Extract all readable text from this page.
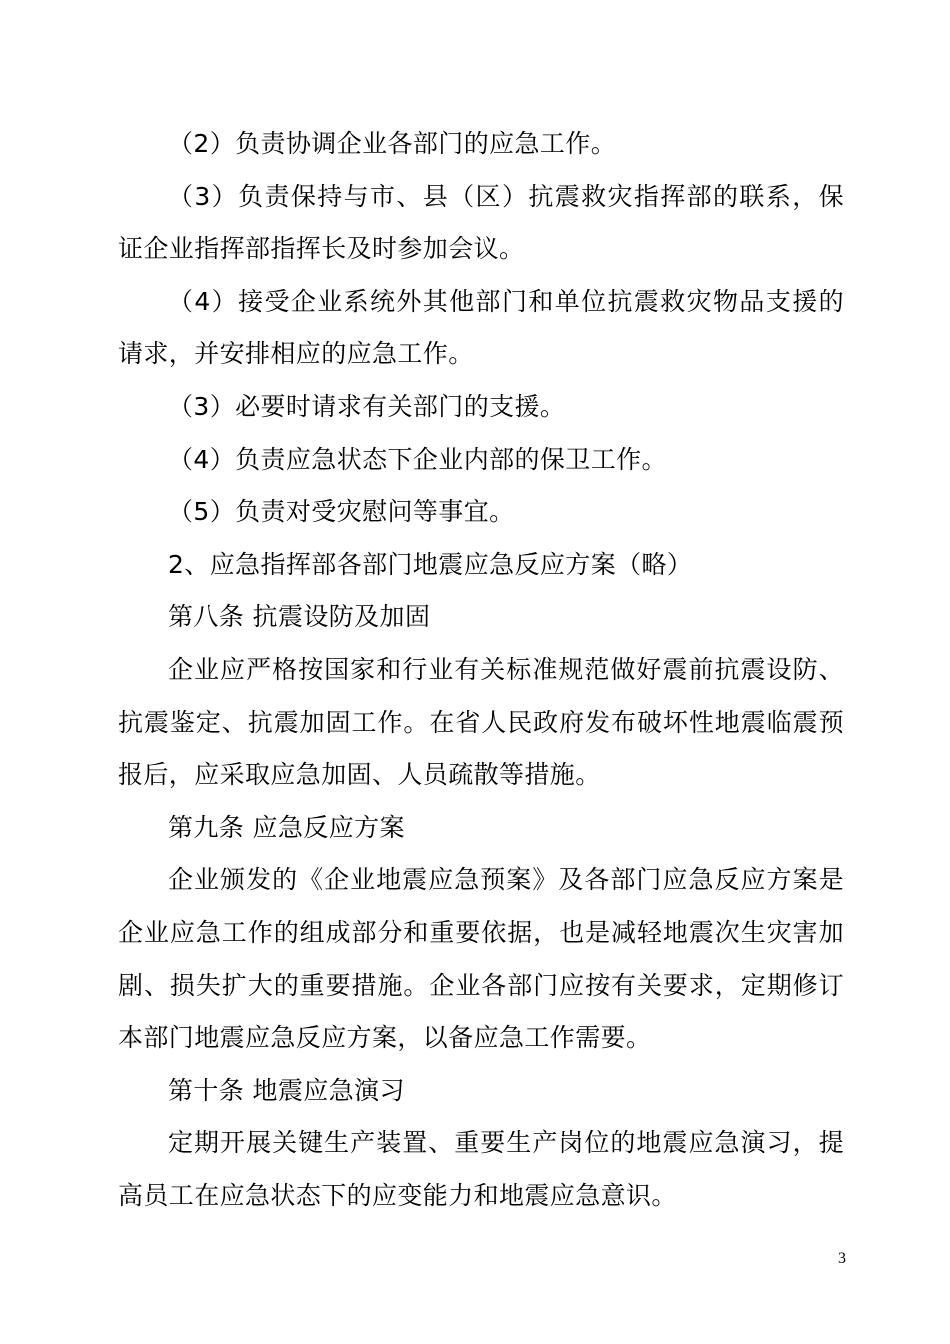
（2）负责协调企业各部门的应急工作。

（3）负责保持与市、县（区）抗震救灾指挥部的联系，保证企业指挥部指挥长及时参加会议。

（4）接受企业系统外其他部门和单位抗震救灾物品支援的请求，并安排相应的应急工作。

（3）必要时请求有关部门的支援。

（4）负责应急状态下企业内部的保卫工作。

（5）负责对受灾慰问等事宜。

2、应急指挥部各部门地震应急反应方案（略）

第八条 抗震设防及加固

企业应严格按国家和行业有关标准规范做好震前抗震设防、抗震鉴定、抗震加固工作。在省人民政府发布破坏性地震临震预报后，应采取应急加固、人员疏散等措施。

第九条 应急反应方案

企业颁发的《企业地震应急预案》及各部门应急反应方案是企业应急工作的组成部分和重要依据，也是减轻地震次生灾害加剧、损失扩大的重要措施。企业各部门应按有关要求，定期修订本部门地震应急反应方案，以备应急工作需要。

第十条 地震应急演习

定期开展关键生产装置、重要生产岗位的地震应急演习，提高员工在应急状态下的应变能力和地震应急意识。

3
